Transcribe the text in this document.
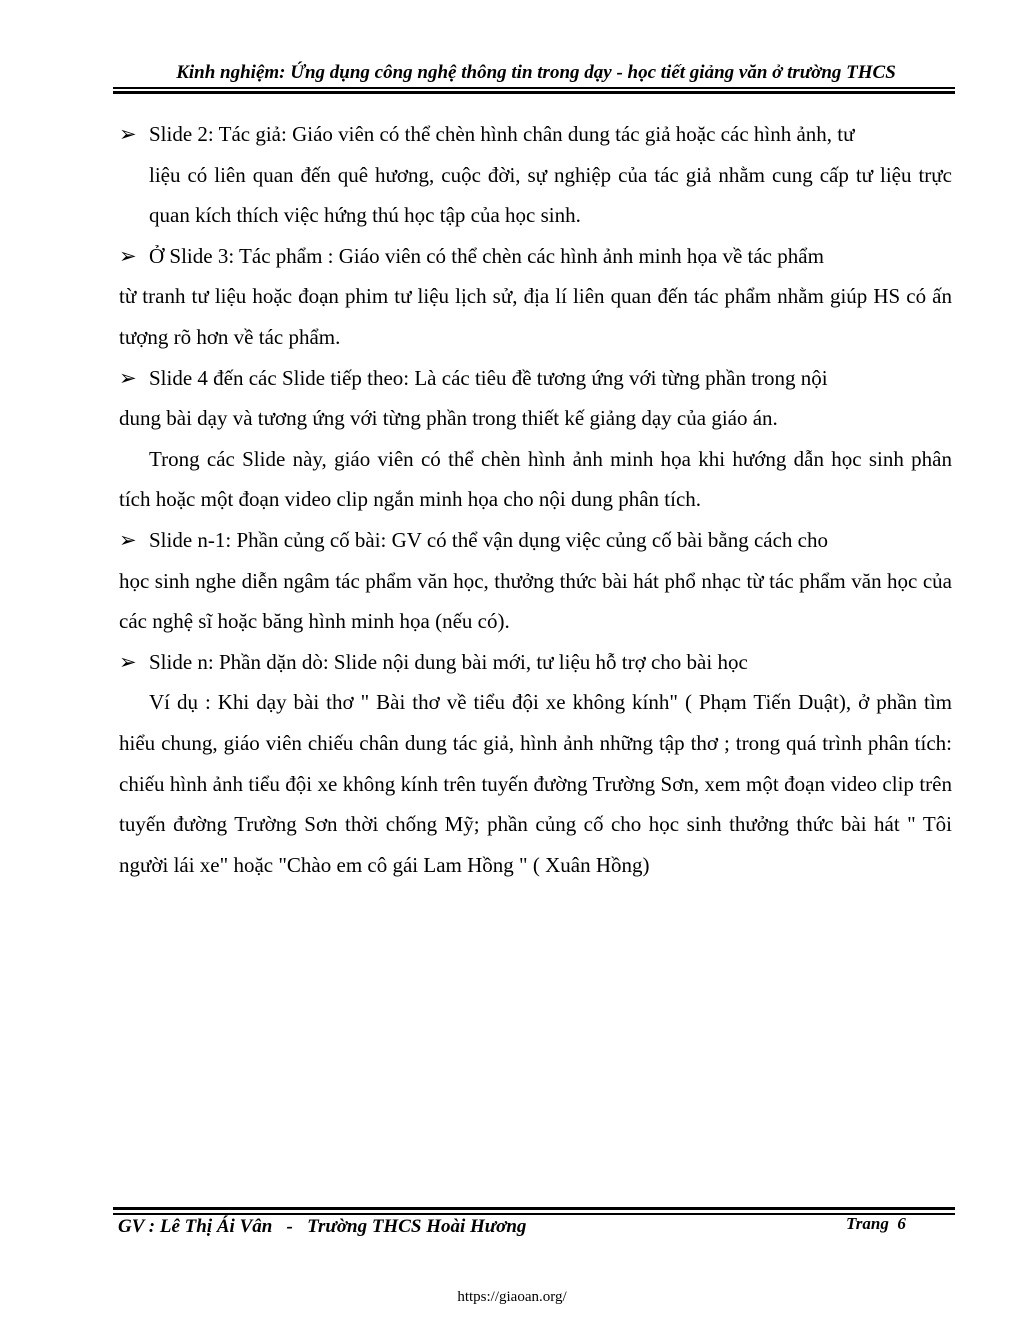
Kinh nghiệm: Ứng dụng công nghệ thông tin trong dạy - học tiết giảng văn ở trường THCS

➢ Slide 2: Tác giả: Giáo viên có thể chèn hình chân dung tác giả hoặc các hình ảnh, tư

liệu có liên quan đến quê hương, cuộc đời, sự nghiệp của tác giả nhằm cung cấp tư liệu trực quan kích thích việc hứng thú học tập của học sinh.

➢ Ở Slide 3: Tác phẩm : Giáo viên có thể chèn các hình ảnh minh họa về tác phẩm

từ tranh tư liệu hoặc đoạn phim tư liệu lịch sử, địa lí liên quan đến tác phẩm nhằm giúp HS có ấn tượng rõ hơn về tác phẩm.

➢ Slide 4 đến các Slide tiếp theo: Là các tiêu đề tương ứng với từng phần trong nội

dung bài dạy và tương ứng với từng phần trong thiết kế giảng dạy của giáo án.

Trong các Slide này, giáo viên có thể chèn hình ảnh minh họa khi hướng dẫn học sinh phân tích hoặc một đoạn video clip ngắn minh họa cho nội dung phân tích.

➢ Slide n-1: Phần củng cố bài: GV có thể vận dụng việc củng cố bài bằng cách cho

học sinh nghe diễn ngâm tác phẩm văn học, thưởng thức bài hát phổ nhạc từ tác phẩm văn học của các nghệ sĩ hoặc băng hình minh họa (nếu có).

➢ Slide n: Phần dặn dò: Slide nội dung bài mới, tư liệu hỗ trợ cho bài học

Ví dụ : Khi dạy bài thơ " Bài thơ về tiểu đội xe không kính" ( Phạm Tiến Duật), ở phần tìm hiểu chung, giáo viên chiếu chân dung tác giả, hình ảnh những tập thơ ; trong quá trình phân tích: chiếu hình ảnh tiểu đội xe không kính trên tuyến đường Trường Sơn, xem một đoạn video clip trên tuyến đường Trường Sơn thời chống Mỹ; phần củng cố cho học sinh thưởng thức bài hát " Tôi người lái xe" hoặc "Chào em cô gái Lam Hồng " ( Xuân Hồng)

GV : Lê Thị Ái Vân   -   Trường THCS Hoài Hương	Trang  6
https://giaoan.org/
